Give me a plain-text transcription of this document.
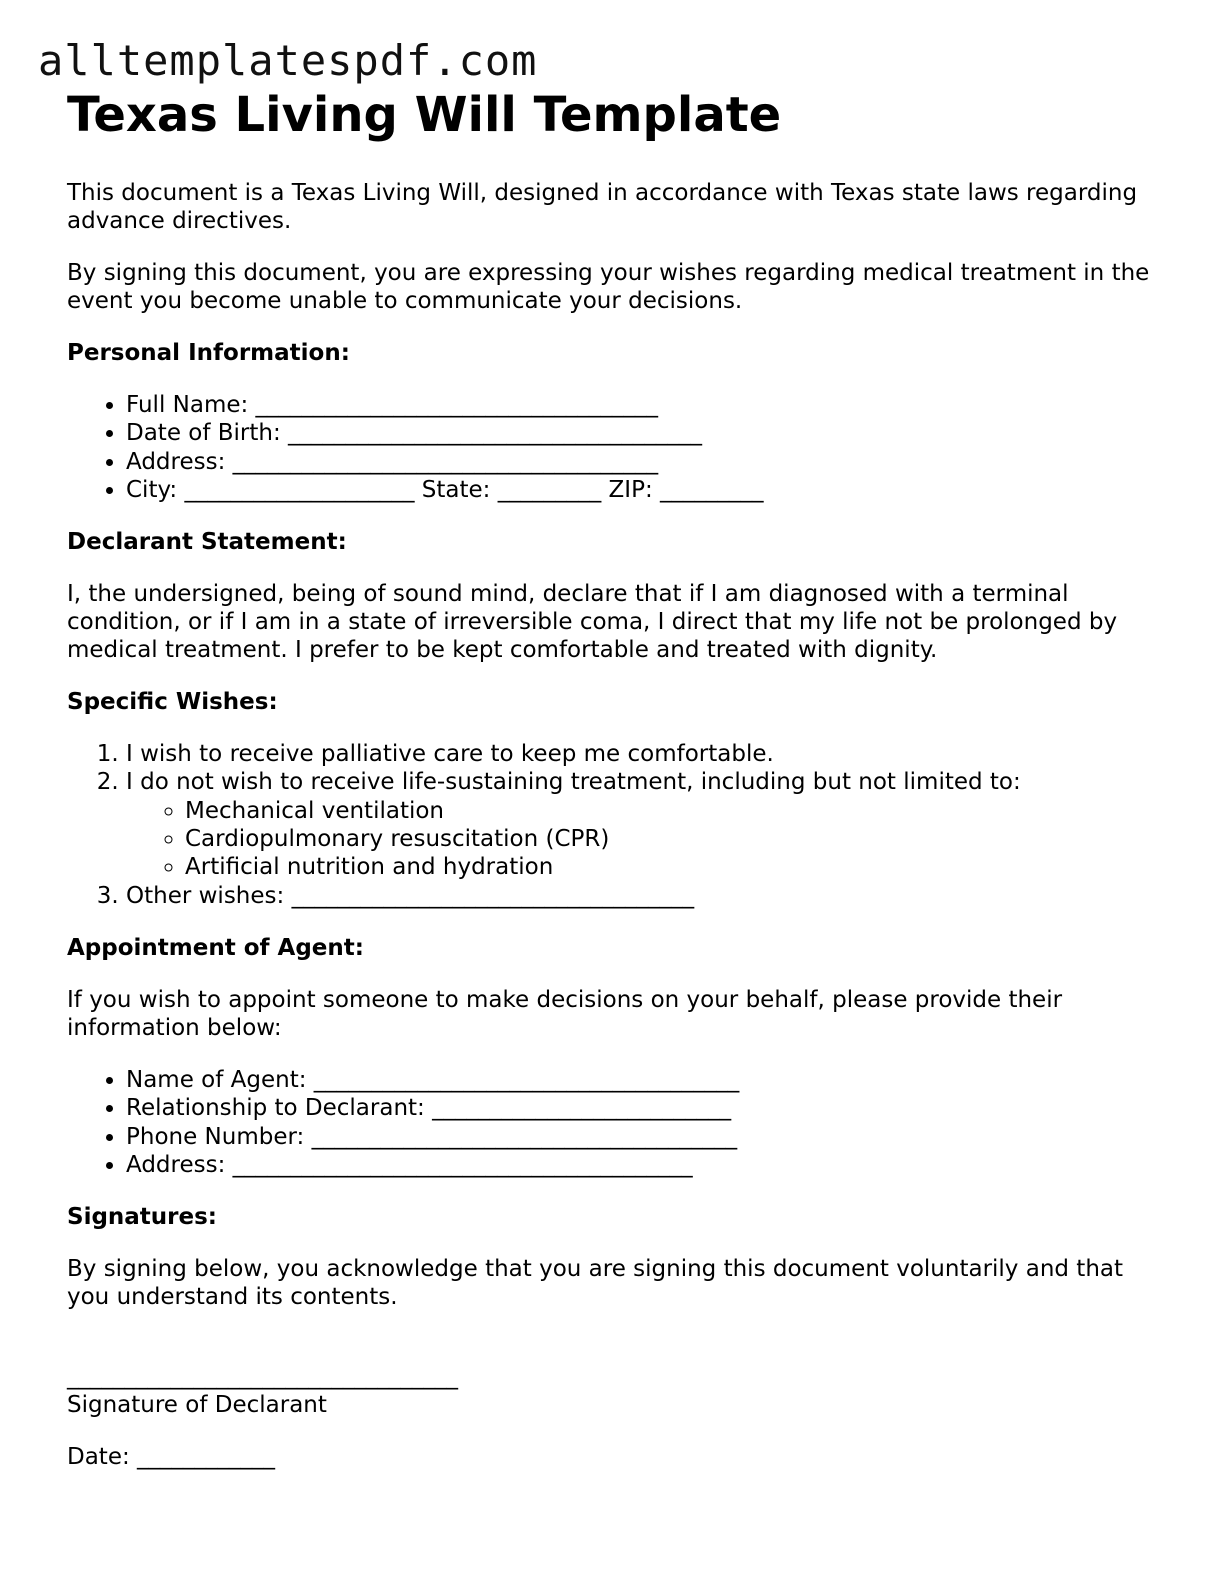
alltemplatespdf.com
Texas Living Will Template

This document is a Texas Living Will, designed in accordance with Texas state laws regarding advance directives.

By signing this document, you are expressing your wishes regarding medical treatment in the event you become unable to communicate your decisions.

Personal Information:
• Full Name: ___________________________________
• Date of Birth: ____________________________________
• Address: _____________________________________
• City: ____________________ State: _________ ZIP: _________
Declarant Statement:

I, the undersigned, being of sound mind, declare that if I am diagnosed with a terminal condition, or if I am in a state of irreversible coma, I direct that my life not be prolonged by medical treatment. I prefer to be kept comfortable and treated with dignity.

Specific Wishes:
1. I wish to receive palliative care to keep me comfortable.
2. I do not wish to receive life-sustaining treatment, including but not limited to:
◦ Mechanical ventilation
◦ Cardiopulmonary resuscitation (CPR)
◦ Artificial nutrition and hydration
3. Other wishes: ___________________________________
Appointment of Agent:

If you wish to appoint someone to make decisions on your behalf, please provide their information below:

• Name of Agent: _____________________________________
• Relationship to Declarant: __________________________
• Phone Number: _____________________________________
• Address: ________________________________________
Signatures:

By signing below, you acknowledge that you are signing this document voluntarily and that you understand its contents.

__________________________________
Signature of Declarant
Date: ____________
